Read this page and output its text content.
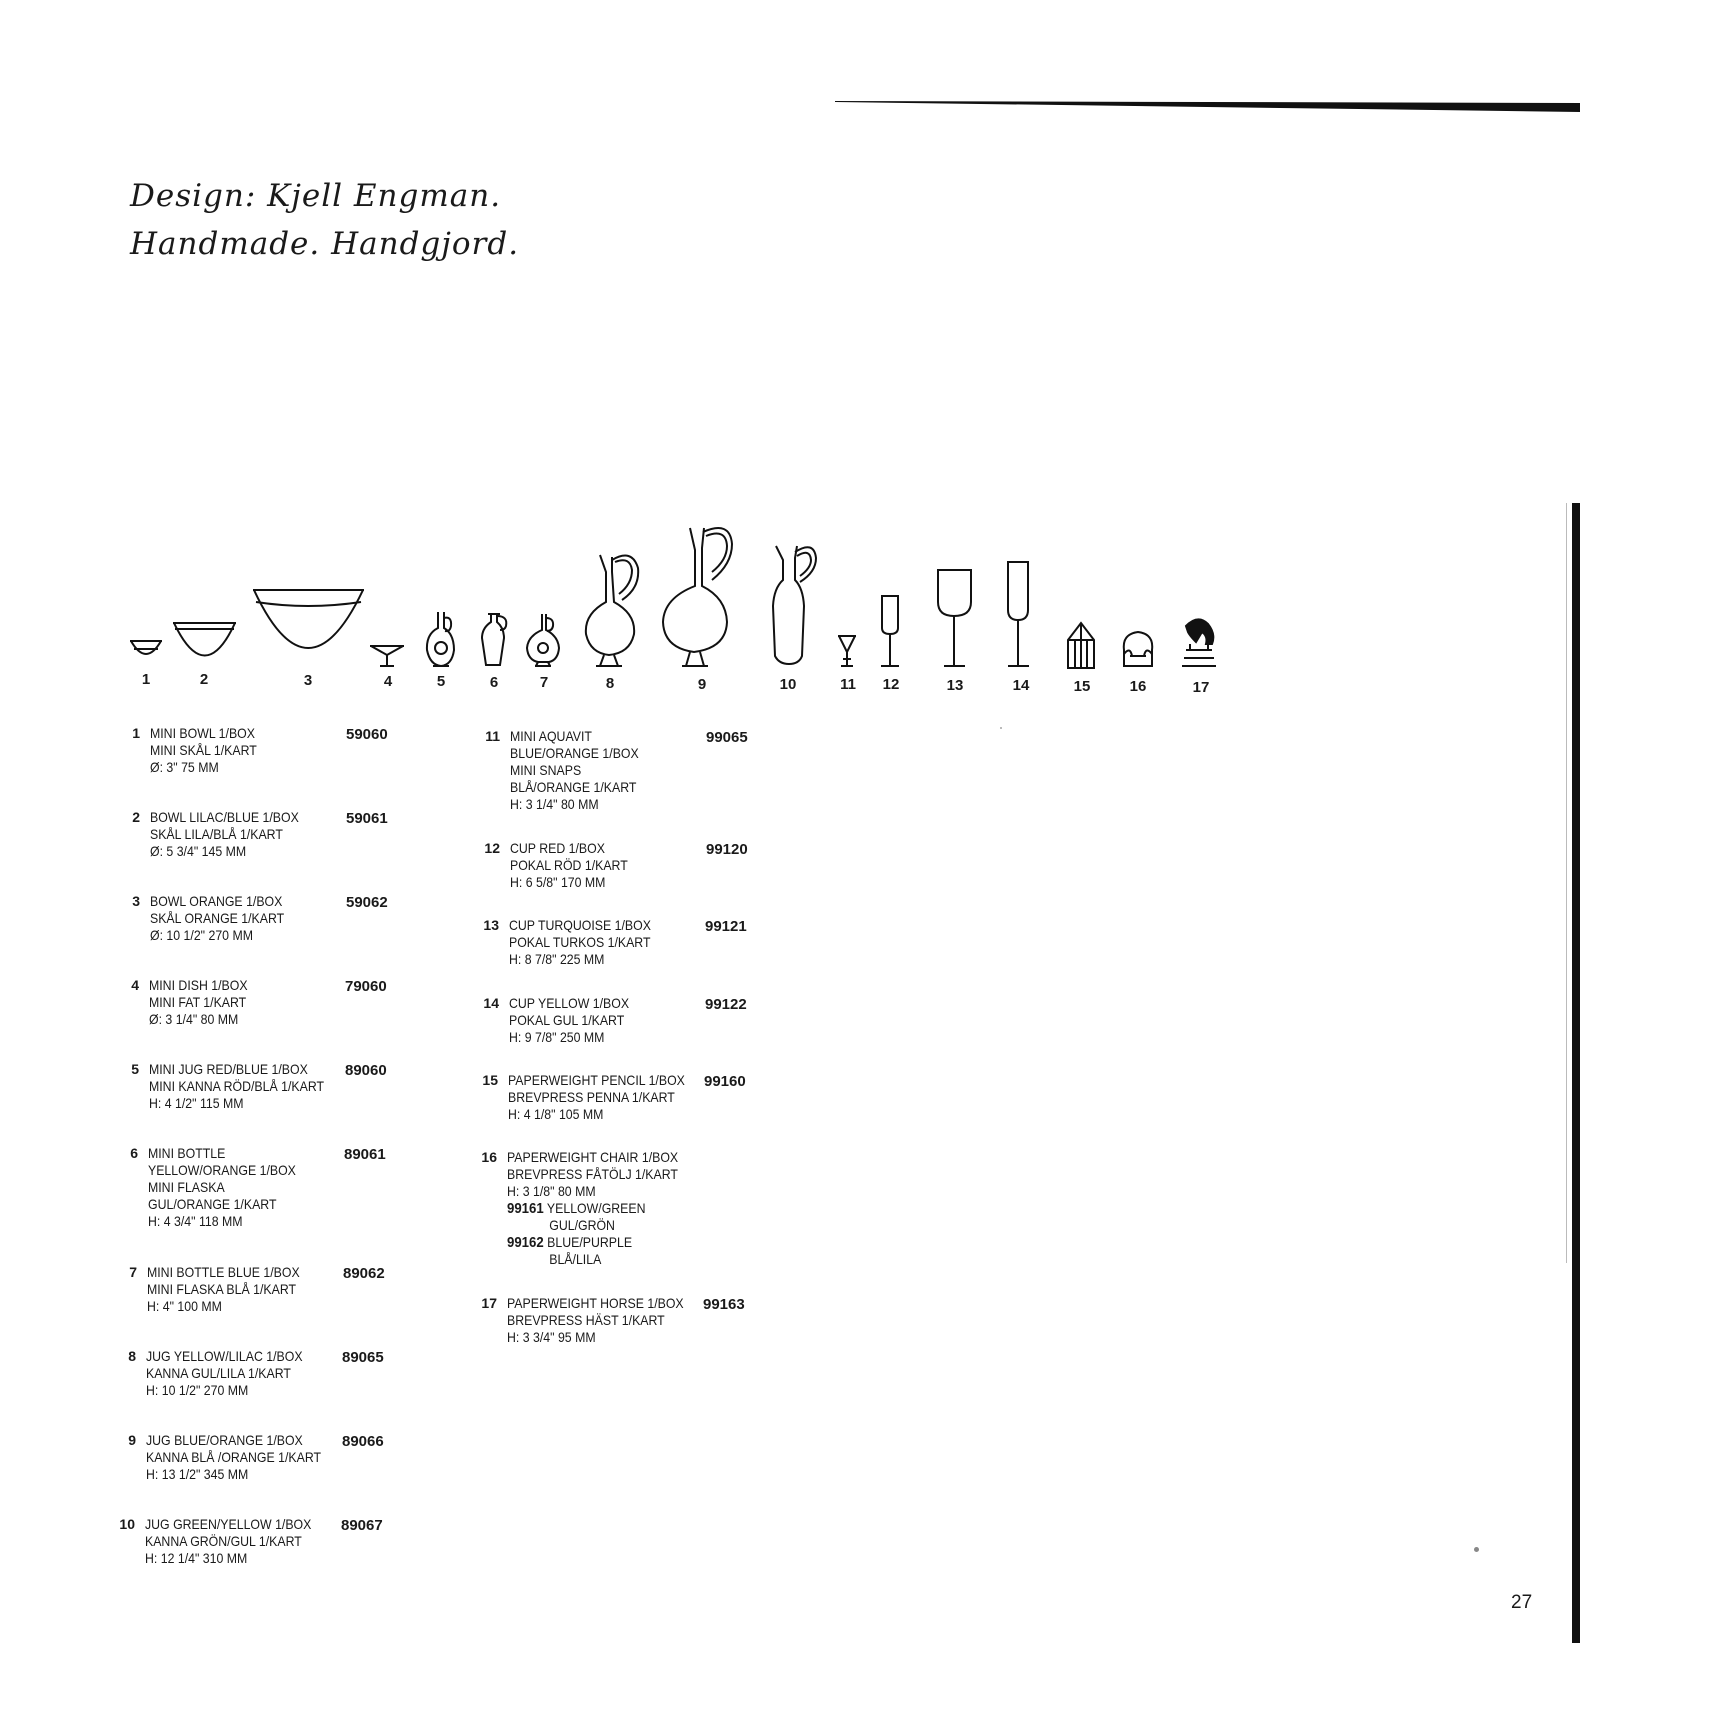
Design: Kjell Engman.
Handmade. Handgjord.
1	2	3	4	5	6	7	8	9	10	11 12	13	14	15	16	17
1 MINI BOWL 1/BOX
MINI SKÅL 1/KART
Ø: 3" 75 MM
59060
2 BOWL LILAC/BLUE 1/BOX
SKÅL LILA/BLÅ 1/KART
Ø: 5 3/4" 145 MM
59061
3 BOWL ORANGE 1/BOX
SKÅL ORANGE 1/KART
Ø: 10 1/2" 270 MM
59062
4 MINI DISH 1/BOX
MINI FAT 1/KART
Ø: 3 1/4" 80 MM
79060
5 MINI JUG RED/BLUE 1/BOX
MINI KANNA RÖD/BLÅ 1/KART
H: 4 1/2" 115 MM
89060
6 MINI BOTTLE
YELLOW/ORANGE 1/BOX
MINI FLASKA
GUL/ORANGE 1/KART
H: 4 3/4" 118 MM
89061
7 MINI BOTTLE BLUE 1/BOX
MINI FLASKA BLÅ 1/KART
H: 4" 100 MM
89062
8 JUG YELLOW/LILAC 1/BOX
KANNA GUL/LILA 1/KART
H: 10 1/2" 270 MM
89065
9 JUG BLUE/ORANGE 1/BOX
KANNA BLÅ /ORANGE 1/KART
H: 13 1/2" 345 MM
89066
10 JUG GREEN/YELLOW 1/BOX
KANNA GRÖN/GUL 1/KART
H: 12 1/4" 310 MM
89067
11 MINI AQUAVIT
BLUE/ORANGE 1/BOX
MINI SNAPS
BLÅ/ORANGE 1/KART
H: 3 1/4" 80 MM
99065
12 CUP RED 1/BOX
POKAL RÖD 1/KART
H: 6 5/8" 170 MM
99120
13 CUP TURQUOISE 1/BOX
POKAL TURKOS 1/KART
H: 8 7/8" 225 MM
99121
14 CUP YELLOW 1/BOX
POKAL GUL 1/KART
H: 9 7/8" 250 MM
99122
15 PAPERWEIGHT PENCIL 1/BOX
BREVPRESS PENNA 1/KART
H: 4 1/8" 105 MM
99160
16 PAPERWEIGHT CHAIR 1/BOX
BREVPRESS FÅTÖLJ 1/KART
H: 3 1/8" 80 MM
99161 YELLOW/GREEN
GUL/GRÖN
99162 BLUE/PURPLE
BLÅ/LILA
17 PAPERWEIGHT HORSE 1/BOX
BREVPRESS HÄST 1/KART
H: 3 3/4" 95 MM
99163
27
